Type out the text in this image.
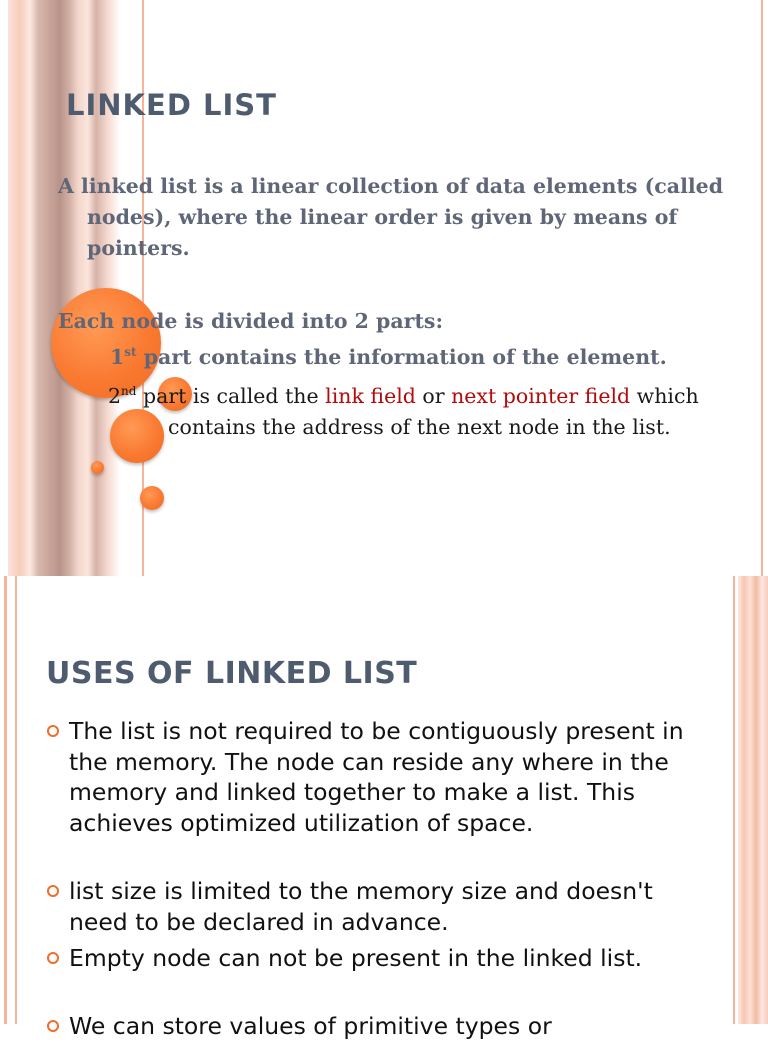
LINKED LIST

A linked list is a linear collection of data elements (called
nodes), where the linear order is given by means of
pointers.

Each node is divided into 2 parts:

1st part contains the information of the element.

2nd part is called the link field or next pointer field which
contains the address of the next node in the list.

USES OF LINKED LIST
The list is not required to be contiguously present in the memory. The node can reside any where in the memory and linked together to make a list. This achieves optimized utilization of space.
list size is limited to the memory size and doesn't need to be declared in advance.
Empty node can not be present in the linked list.
We can store values of primitive types or
